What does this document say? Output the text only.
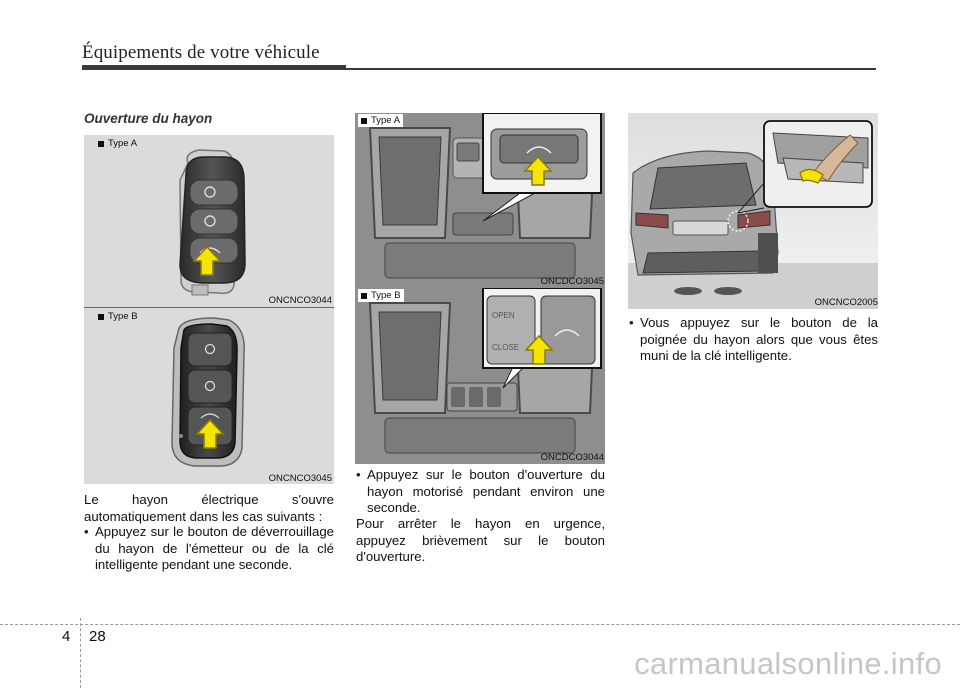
Équipements de votre véhicule
Ouverture du hayon
Type A
ONCNCO3044
Type B
ONCNCO3045
Le hayon électrique s'ouvre automatiquement dans les cas suivants :
• Appuyez sur le bouton de déverrouillage du hayon de l'émetteur ou de la clé intelligente pendant une seconde.
Type A
ONCDCO3045
OPEN
CLOSE
Type B
ONCDCO3044
• Appuyez sur le bouton d'ouverture du hayon motorisé pendant environ une seconde.
Pour arrêter le hayon en urgence, appuyez brièvement sur le bouton d'ouverture.
ONCNCO2005
• Vous appuyez sur le bouton de la poignée du hayon alors que vous êtes muni de la clé intelligente.
4 28
carmanualsonline.info
